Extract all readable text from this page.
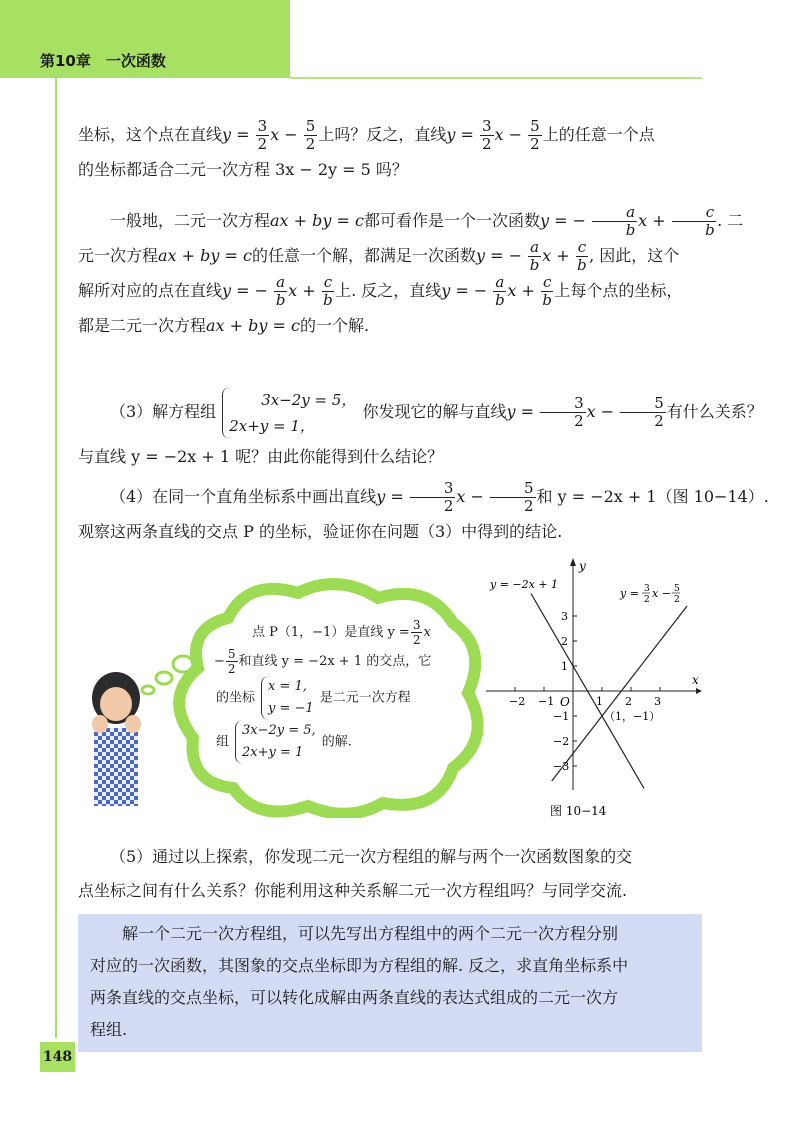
第10章　一次函数
坐标，这个点在直线$y = \frac{3}{2}$ $x - \frac{5}{2}$ 上吗？反之，直线$y = \frac{3}{2}$ $x - \frac{5}{2}$ 上的任意一个点
的坐标都适合二元一次方程 3x − 2y = 5 吗？
一般地，二元一次方程ax + by = c都可看作是一个一次函数y = − $\frac{a}{b}$ $x + \frac{c}{b}$ . 二
元一次方程ax + by = c的任意一个解，都满足一次函数y = − $\frac{a}{b}$ $x + \frac{c}{b}$ , 因此，这个
解所对应的点在直线y = − $\frac{a}{b}$ $x + \frac{c}{b}$ 上. 反之，直线y = − $\frac{a}{b}$ $x + \frac{c}{b}$ 上每个点的坐标，
都是二元一次方程ax + by = c的一个解.
（3）解方程组3x−2y = 5，
2x+y = 1，你发现它的解与直线$y = \frac{3}{2}$ $x - \frac{5}{2}$ 有什么关系？
与直线 y = −2x + 1 呢？由此你能得到什么结论？
（4）在同一个直角坐标系中画出直线$y = \frac{3}{2}$ $x - \frac{5}{2}$ 和 y = −2x + 1（图 10−14）.
观察这两条直线的交点 P 的坐标，验证你在问题（3）中得到的结论.
点 P（1，−1）是直线 $y = \frac{3}{2}$ x
− $\frac{5}{2}$ 和直线 y = −2x + 1 的交点，它
的坐标x = 1,
y = −1是二元一次方程
组3x−2y = 5,
2x+y = 1的解.
x
y
O
−2 −1	1 2 3
3
2
1
−1
−2
−3
y = −2x + 1
y = 3
2 x − 5
2
（1，−1）
图 10−14
（5）通过以上探索，你发现二元一次方程组的解与两个一次函数图象的交
点坐标之间有什么关系？你能利用这种关系解二元一次方程组吗？与同学交流.
解一个二元一次方程组，可以先写出方程组中的两个二元一次方程分别
对应的一次函数，其图象的交点坐标即为方程组的解. 反之，求直角坐标系中
两条直线的交点坐标，可以转化成解由两条直线的表达式组成的二元一次方
程组.
148
